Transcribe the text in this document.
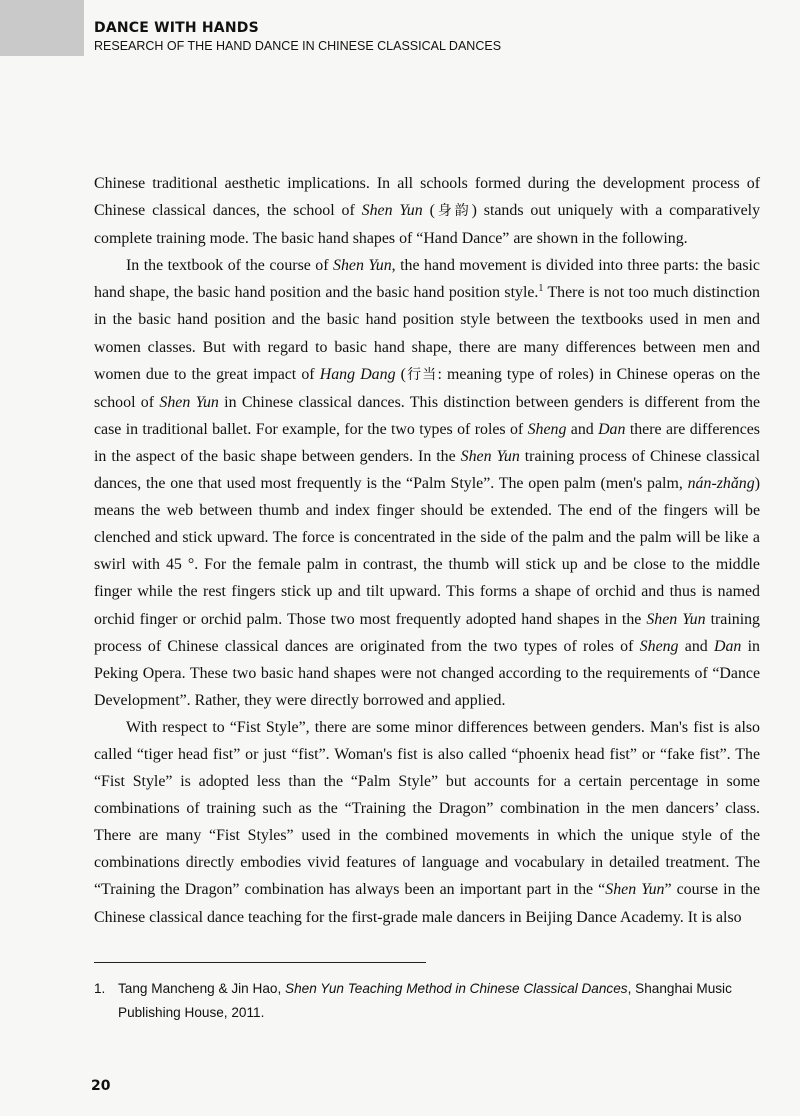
DANCE WITH HANDS
RESEARCH OF THE HAND DANCE IN CHINESE CLASSICAL DANCES

Chinese traditional aesthetic implications. In all schools formed during the development process of Chinese classical dances, the school of Shen Yun (身韵) stands out uniquely with a comparatively complete training mode. The basic hand shapes of “Hand Dance” are shown in the following.

In the textbook of the course of Shen Yun, the hand movement is divided into three parts: the basic hand shape, the basic hand position and the basic hand position style.$^1$ There is not too much distinction in the basic hand position and the basic hand position style between the textbooks used in men and women classes. But with regard to basic hand shape, there are many differences between men and women due to the great impact of Hang Dang (行当: meaning type of roles) in Chinese operas on the school of Shen Yun in Chinese classical dances. This distinction between genders is different from the case in traditional ballet. For example, for the two types of roles of Sheng and Dan there are differences in the aspect of the basic shape between genders. In the Shen Yun training process of Chinese classical dances, the one that used most frequently is the “Palm Style”. The open palm (men's palm, nán-zhǎng) means the web between thumb and index finger should be extended. The end of the fingers will be clenched and stick upward. The force is concentrated in the side of the palm and the palm will be like a swirl with 45 °. For the female palm in contrast, the thumb will stick up and be close to the middle finger while the rest fingers stick up and tilt upward. This forms a shape of orchid and thus is named orchid finger or orchid palm. Those two most frequently adopted hand shapes in the Shen Yun training process of Chinese classical dances are originated from the two types of roles of Sheng and Dan in Peking Opera. These two basic hand shapes were not changed according to the requirements of “Dance Development”. Rather, they were directly borrowed and applied.

With respect to “Fist Style”, there are some minor differences between genders. Man's fist is also called “tiger head fist” or just “fist”. Woman's fist is also called “phoenix head fist” or “fake fist”. The “Fist Style” is adopted less than the “Palm Style” but accounts for a certain percentage in some combinations of training such as the “Training the Dragon” combination in the men dancers’ class. There are many “Fist Styles” used in the combined movements in which the unique style of the combinations directly embodies vivid features of language and vocabulary in detailed treatment. The “Training the Dragon” combination has always been an important part in the “Shen Yun” course in the Chinese classical dance teaching for the first-grade male dancers in Beijing Dance Academy. It is also

1. Tang Mancheng & Jin Hao, Shen Yun Teaching Method in Chinese Classical Dances, Shanghai Music Publishing House, 2011.
20
